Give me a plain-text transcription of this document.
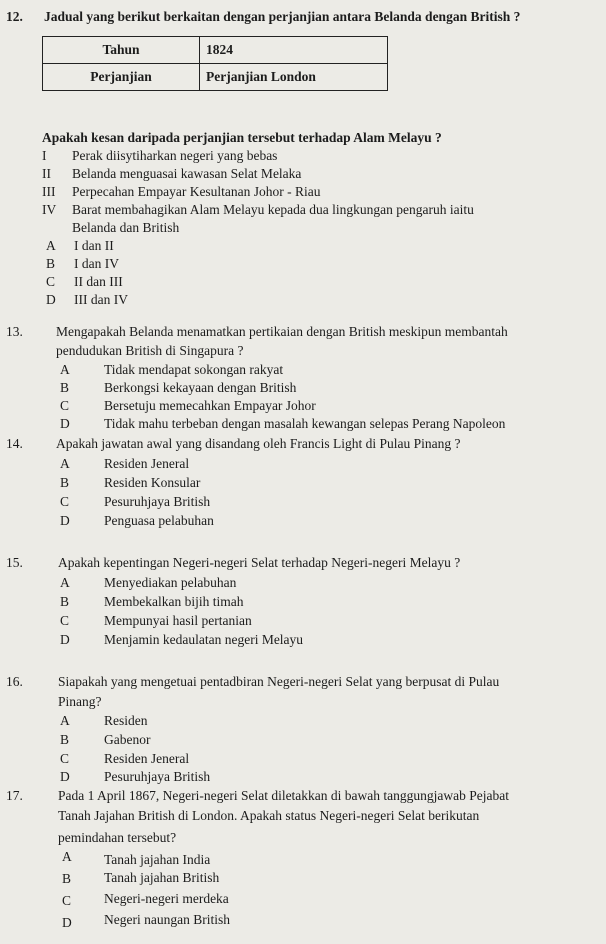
12. Jadual yang berikut berkaitan dengan perjanjian antara Belanda dengan British ?
Tahun	1824
Perjanjian	Perjanjian London
Apakah kesan daripada perjanjian tersebut terhadap Alam Melayu ?
I Perak diisytiharkan negeri yang bebas
II Belanda menguasai kawasan Selat Melaka
III Perpecahan Empayar Kesultanan Johor - Riau
IV Barat membahagikan Alam Melayu kepada dua lingkungan pengaruh iaitu
Belanda dan British
A I dan II
B I dan IV
C II dan III
D III dan IV
13. Mengapakah Belanda menamatkan pertikaian dengan British meskipun membantah
pendudukan British di Singapura ?
A	Tidak mendapat sokongan rakyat
B	Berkongsi kekayaan dengan British
C	Bersetuju memecahkan Empayar Johor
D	Tidak mahu terbeban dengan masalah kewangan selepas Perang Napoleon
14. Apakah jawatan awal yang disandang oleh Francis Light di Pulau Pinang ?
A	Residen Jeneral
B	Residen Konsular
C	Pesuruhjaya British
D	Penguasa pelabuhan
15.	Apakah kepentingan Negeri-negeri Selat terhadap Negeri-negeri Melayu ?
A	Menyediakan pelabuhan
B	Membekalkan bijih timah
C	Mempunyai hasil pertanian
D	Menjamin kedaulatan negeri Melayu
16.	Siapakah yang mengetuai pentadbiran Negeri-negeri Selat yang berpusat di Pulau
Pinang?
A	Residen
B	Gabenor
C	Residen Jeneral
D	Pesuruhjaya British
17.	Pada 1 April 1867, Negeri-negeri Selat diletakkan di bawah tanggungjawab Pejabat
Tanah Jajahan British di London. Apakah status Negeri-negeri Selat berikutan
pemindahan tersebut?
A Tanah jajahan India
B Tanah jajahan British
C Negeri-negeri merdeka
D Negeri naungan British
